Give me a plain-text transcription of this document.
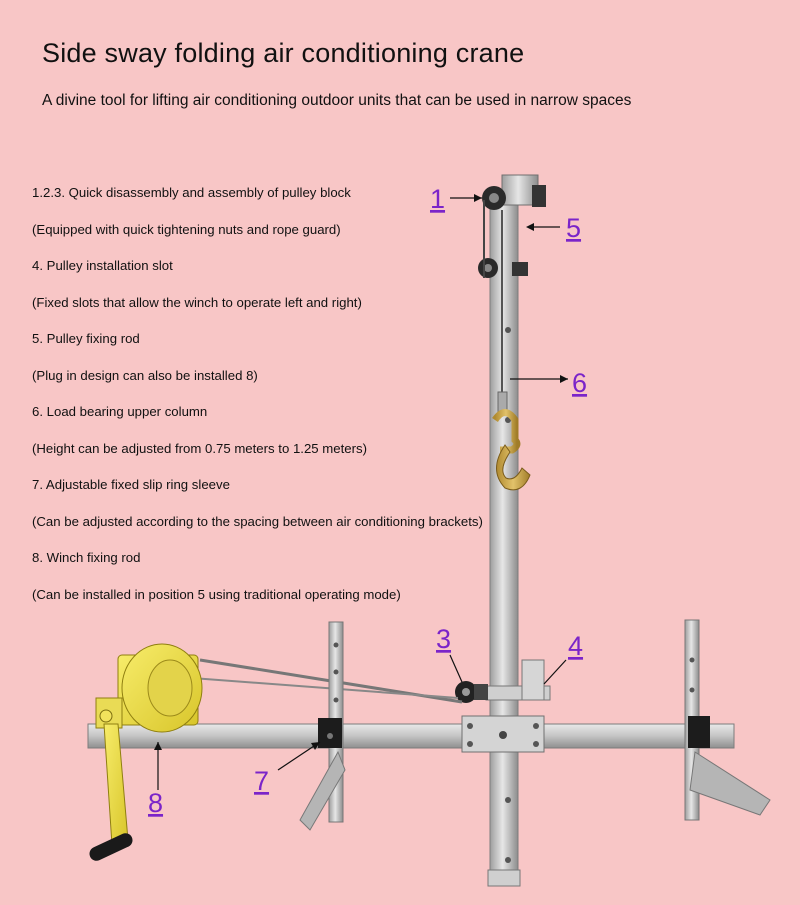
Side sway folding air conditioning crane
A divine tool for lifting air conditioning outdoor units that can be used in narrow spaces
1.2.3. Quick disassembly and assembly of pulley block
(Equipped with quick tightening nuts and rope guard)
4. Pulley installation slot
(Fixed slots that allow the winch to operate left and right)
5. Pulley fixing rod
(Plug in design can also be installed 8)
6. Load bearing upper column
(Height can be adjusted from 0.75 meters to 1.25 meters)
7. Adjustable fixed slip ring sleeve
(Can be adjusted according to the spacing between air conditioning brackets)
8. Winch fixing rod
(Can be installed in position 5 using traditional operating mode)
1
5
6
3	4
7
8
